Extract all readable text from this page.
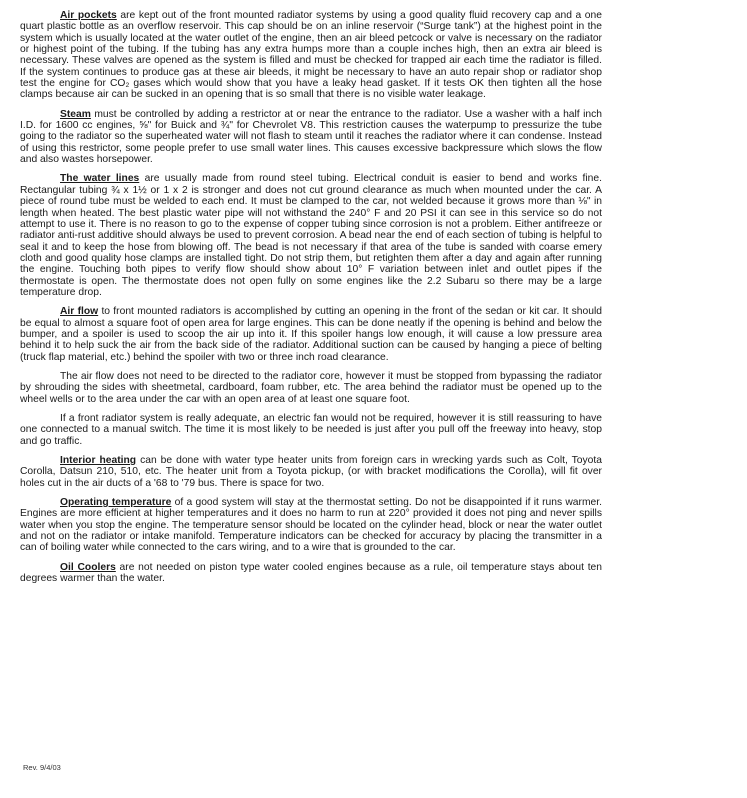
Air pockets are kept out of the front mounted radiator systems by using a good quality fluid recovery cap and a one quart plastic bottle as an overflow reservoir. This cap should be on an inline reservoir (“Surge tank”) at the highest point in the system which is usually located at the water outlet of the engine, then an air bleed petcock or valve is necessary on the radiator or highest point of the tubing. If the tubing has any extra humps more than a couple inches high, then an extra air bleed is necessary. These valves are opened as the system is filled and must be checked for trapped air each time the radiator is filled. If the system continues to produce gas at these air bleeds, it might be necessary to have an auto repair shop or radiator shop test the engine for CO₂ gases which would show that you have a leaky head gasket. If it tests OK then tighten all the hose clamps because air can be sucked in an opening that is so small that there is no visible water leakage.

Steam must be controlled by adding a restrictor at or near the entrance to the radiator. Use a washer with a half inch I.D. for 1600 cc engines, ⅝" for Buick and ¾" for Chevrolet V8. This restriction causes the waterpump to pressurize the tube going to the radiator so the superheated water will not flash to steam until it reaches the radiator where it can condense. Instead of using this restrictor, some people prefer to use small water lines. This causes excessive backpressure which slows the flow and also wastes horsepower.

The water lines are usually made from round steel tubing. Electrical conduit is easier to bend and works fine. Rectangular tubing ¾ x 1½ or 1 x 2 is stronger and does not cut ground clearance as much when mounted under the car. A piece of round tube must be welded to each end. It must be clamped to the car, not welded because it grows more than ⅛" in length when heated. The best plastic water pipe will not withstand the 240° F and 20 PSI it can see in this service so do not attempt to use it. There is no reason to go to the expense of copper tubing since corrosion is not a problem. Either antifreeze or radiator anti-rust additive should always be used to prevent corrosion. A bead near the end of each section of tubing is helpful to seal it and to keep the hose from blowing off. The bead is not necessary if that area of the tube is sanded with coarse emery cloth and good quality hose clamps are installed tight. Do not strip them, but retighten them after a day and again after running the engine. Touching both pipes to verify flow should show about 10° F variation between inlet and outlet pipes if the thermostate is open. The thermostate does not open fully on some engines like the 2.2 Subaru so there may be a large temperature drop.

Air flow to front mounted radiators is accomplished by cutting an opening in the front of the sedan or kit car. It should be equal to almost a square foot of open area for large engines. This can be done neatly if the opening is behind and below the bumper, and a spoiler is used to scoop the air up into it. If this spoiler hangs low enough, it will cause a low pressure area behind it to help suck the air from the back side of the radiator. Additional suction can be caused by hanging a piece of belting (truck flap material, etc.) behind the spoiler with two or three inch road clearance.

The air flow does not need to be directed to the radiator core, however it must be stopped from bypassing the radiator by shrouding the sides with sheetmetal, cardboard, foam rubber, etc. The area behind the radiator must be opened up to the wheel wells or to the area under the car with an open area of at least one square foot.

If a front radiator system is really adequate, an electric fan would not be required, however it is still reassuring to have one connected to a manual switch. The time it is most likely to be needed is just after you pull off the freeway into heavy, stop and go traffic.

Interior heating can be done with water type heater units from foreign cars in wrecking yards such as Colt, Toyota Corolla, Datsun 210, 510, etc. The heater unit from a Toyota pickup, (or with bracket modifications the Corolla), will fit over holes cut in the air ducts of a '68 to '79 bus. There is space for two.

Operating temperature of a good system will stay at the thermostat setting. Do not be disappointed if it runs warmer. Engines are more efficient at higher temperatures and it does no harm to run at 220° provided it does not ping and never spills water when you stop the engine. The temperature sensor should be located on the cylinder head, block or near the water outlet and not on the radiator or intake manifold. Temperature indicators can be checked for accuracy by placing the transmitter in a can of boiling water while connected to the cars wiring, and to a wire that is grounded to the car.

Oil Coolers are not needed on piston type water cooled engines because as a rule, oil temperature stays about ten degrees warmer than the water.

Rev. 9/4/03
